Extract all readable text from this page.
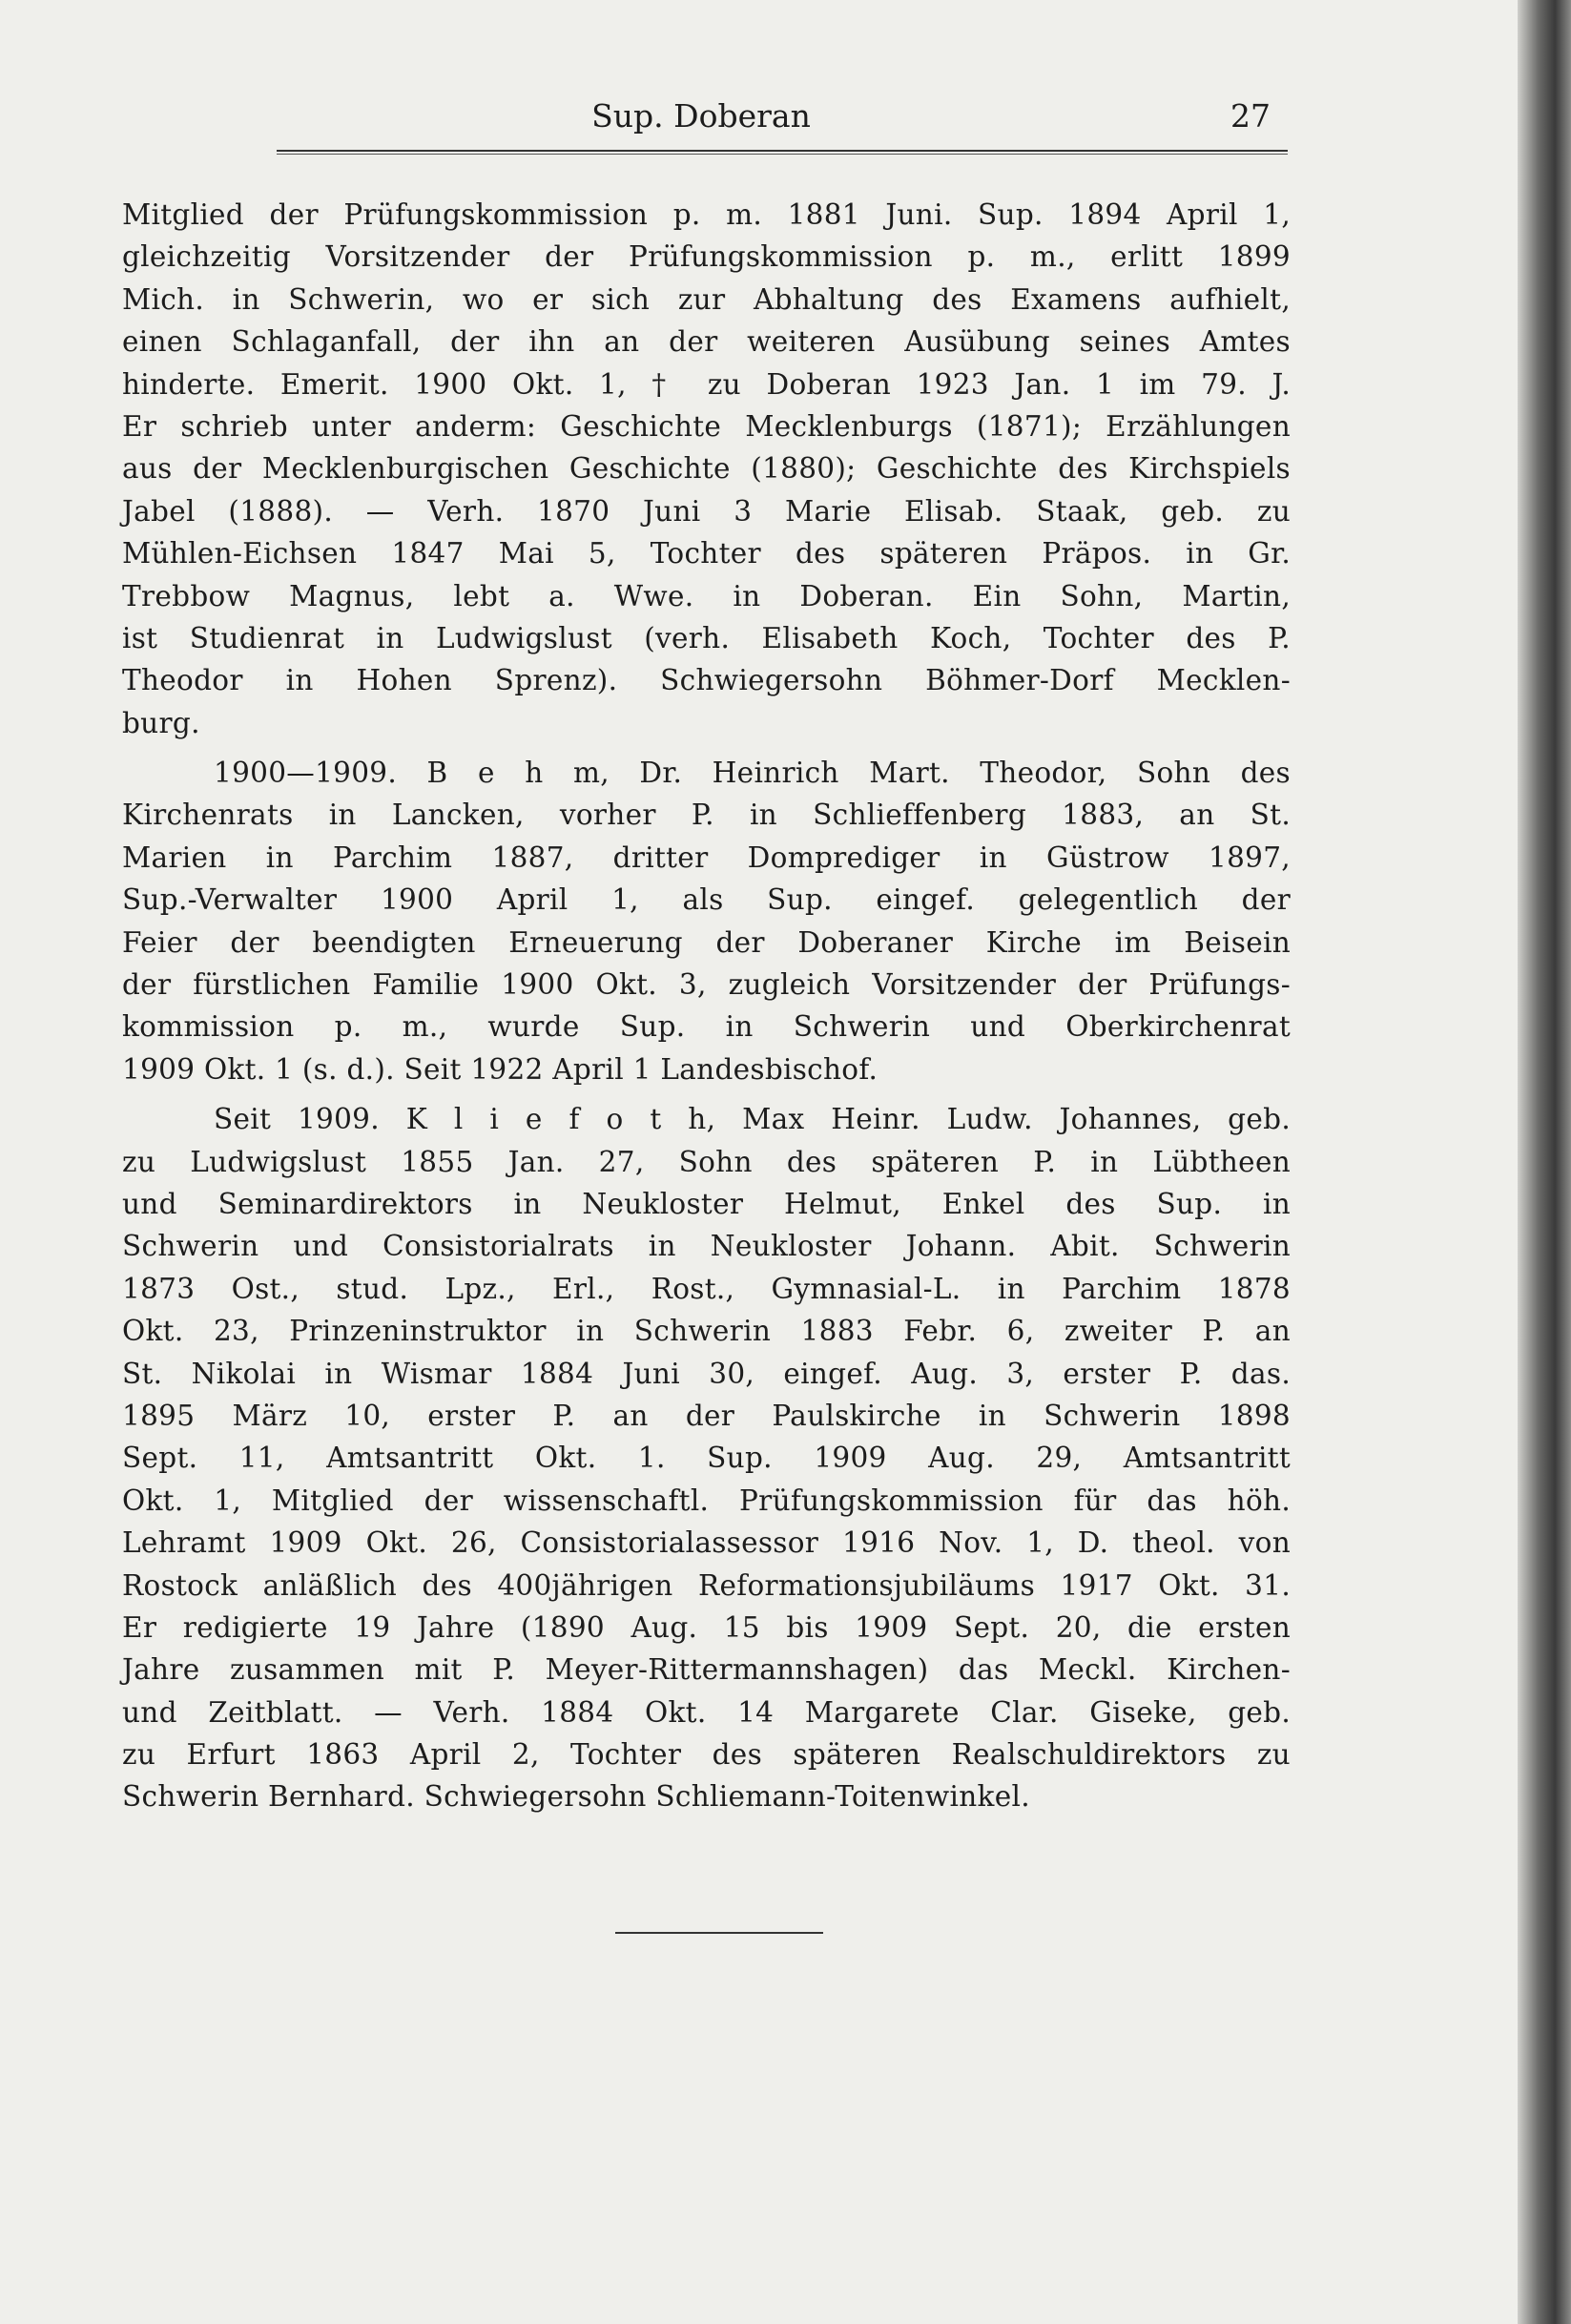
Sup. Doberan	27
Mitglied der Prüfungskommission p. m. 1881 Juni. Sup. 1894 April 1,
gleichzeitig Vorsitzender der Prüfungskommission p. m., erlitt 1899
Mich. in Schwerin, wo er sich zur Abhaltung des Examens aufhielt,
einen Schlaganfall, der ihn an der weiteren Ausübung seines Amtes
hinderte. Emerit. 1900 Okt. 1, † zu Doberan 1923 Jan. 1 im 79. J.
Er schrieb unter anderm: Geschichte Mecklenburgs (1871); Erzählungen
aus der Mecklenburgischen Geschichte (1880); Geschichte des Kirchspiels
Jabel (1888). — Verh. 1870 Juni 3 Marie Elisab. Staak, geb. zu
Mühlen-Eichsen 1847 Mai 5, Tochter des späteren Präpos. in Gr.
Trebbow Magnus, lebt a. Wwe. in Doberan. Ein Sohn, Martin,
ist Studienrat in Ludwigslust (verh. Elisabeth Koch, Tochter des P.
Theodor in Hohen Sprenz). Schwiegersohn Böhmer-Dorf Mecklen-
burg.
1900—1909. B e h m, Dr. Heinrich Mart. Theodor, Sohn des
Kirchenrats in Lancken, vorher P. in Schlieffenberg 1883, an St.
Marien in Parchim 1887, dritter Domprediger in Güstrow 1897,
Sup.-Verwalter 1900 April 1, als Sup. eingef. gelegentlich der
Feier der beendigten Erneuerung der Doberaner Kirche im Beisein
der fürstlichen Familie 1900 Okt. 3, zugleich Vorsitzender der Prüfungs-
kommission p. m., wurde Sup. in Schwerin und Oberkirchenrat
1909 Okt. 1 (s. d.). Seit 1922 April 1 Landesbischof.
Seit 1909. K l i e f o t h, Max Heinr. Ludw. Johannes, geb.
zu Ludwigslust 1855 Jan. 27, Sohn des späteren P. in Lübtheen
und Seminardirektors in Neukloster Helmut, Enkel des Sup. in
Schwerin und Consistorialrats in Neukloster Johann. Abit. Schwerin
1873 Ost., stud. Lpz., Erl., Rost., Gymnasial-L. in Parchim 1878
Okt. 23, Prinzeninstruktor in Schwerin 1883 Febr. 6, zweiter P. an
St. Nikolai in Wismar 1884 Juni 30, eingef. Aug. 3, erster P. das.
1895 März 10, erster P. an der Paulskirche in Schwerin 1898
Sept. 11, Amtsantritt Okt. 1. Sup. 1909 Aug. 29, Amtsantritt
Okt. 1, Mitglied der wissenschaftl. Prüfungskommission für das höh.
Lehramt 1909 Okt. 26, Consistorialassessor 1916 Nov. 1, D. theol. von
Rostock anläßlich des 400jährigen Reformationsjubiläums 1917 Okt. 31.
Er redigierte 19 Jahre (1890 Aug. 15 bis 1909 Sept. 20, die ersten
Jahre zusammen mit P. Meyer-Rittermannshagen) das Meckl. Kirchen-
und Zeitblatt. — Verh. 1884 Okt. 14 Margarete Clar. Giseke, geb.
zu Erfurt 1863 April 2, Tochter des späteren Realschuldirektors zu
Schwerin Bernhard. Schwiegersohn Schliemann-Toitenwinkel.
